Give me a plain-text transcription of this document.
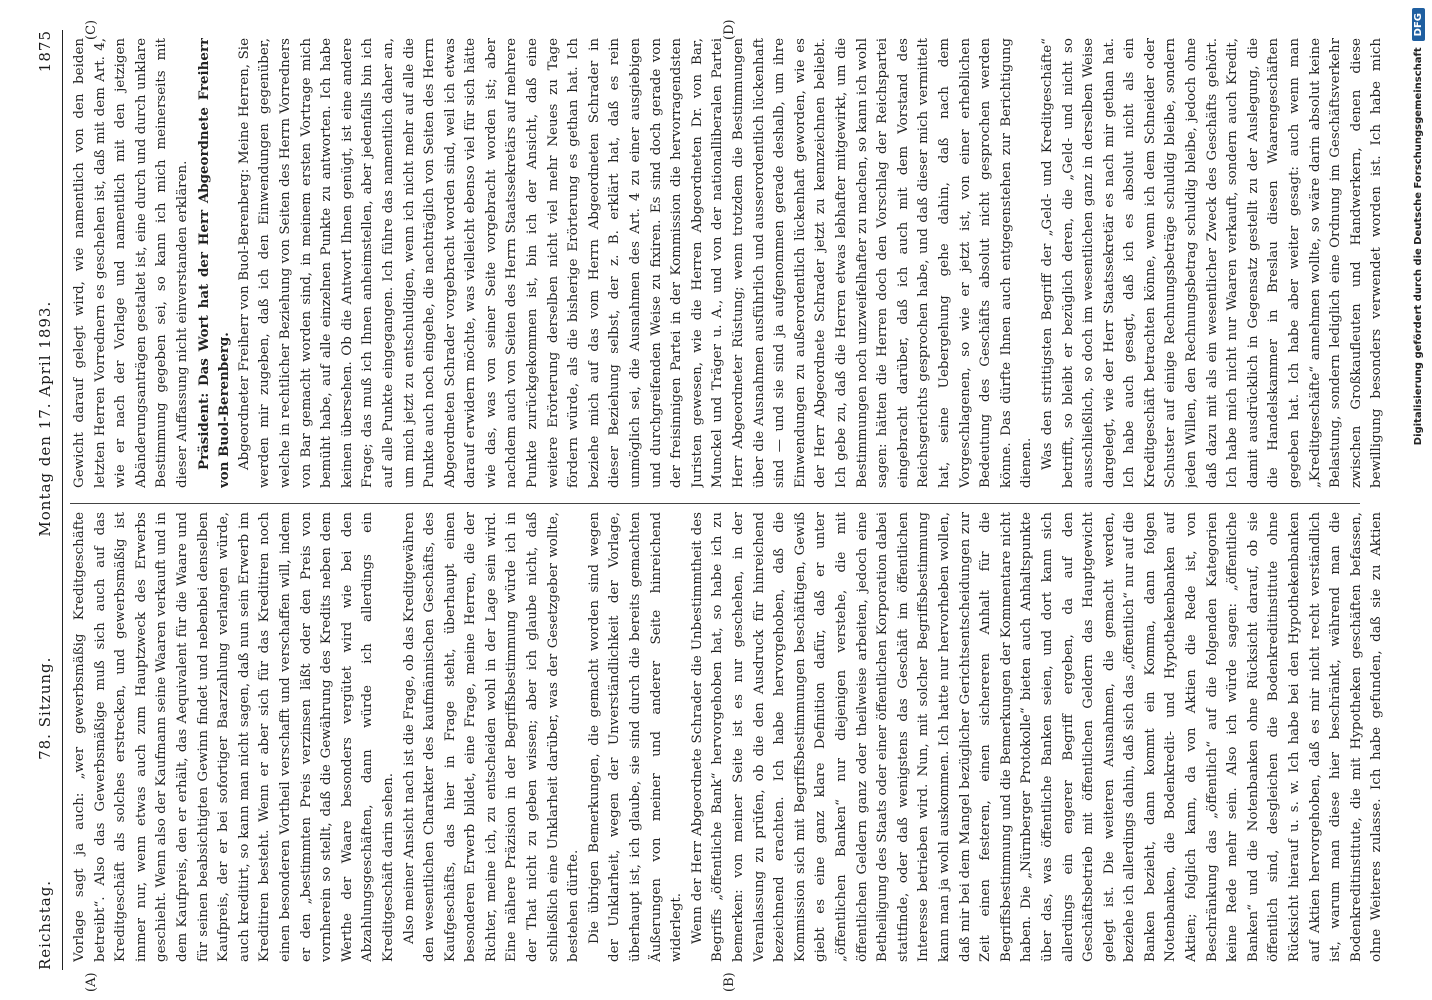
Reichstag.
78. Sitzung.
Montag den 17. April 1893.
1875
(A)	(B)
(C)	(D)

Vorlage sagt ja auch: „wer gewerbsmäßig Kreditgeschäfte betreibt“. Also das Gewerbsmäßige muß sich auch auf das Kreditgeschäft als solches erstrecken, und gewerbsmäßig ist immer nur, wenn etwas auch zum Hauptzweck des Erwerbs geschieht. Wenn also der Kaufmann seine Waaren verkauft und in dem Kaufpreis, den er erhält, das Aequivalent für die Waare und für seinen beabsichtigten Gewinn findet und nebenbei denselben Kaufpreis, der er bei sofortiger Baarzahlung verlangen würde, auch kreditirt, so kann man nicht sagen, daß nun sein Erwerb im Kreditiren besteht. Wenn er aber sich für das Kreditiren noch einen besonderen Vortheil verschafft und verschaffen will, indem er den „bestimmten Preis verzinsen läßt oder den Preis von vornherein so stellt, daß die Gewährung des Kredits neben dem Werthe der Waare besonders vergütet wird wie bei den Abzahlungsgeschäften, dann würde ich allerdings ein Kreditgeschäft darin sehen. Also meiner Ansicht nach ist die Frage, ob das Kreditgewähren den wesentlichen Charakter des kaufmännischen Geschäfts, des Kaufgeschäfts, das hier in Frage steht, überhaupt einen besonderen Erwerb bildet, eine Frage, meine Herren, die der Richter, meine ich, zu entscheiden wohl in der Lage sein wird. Eine nähere Präzision in der Begriffsbestimmung würde ich in der That nicht zu geben wissen; aber ich glaube nicht, daß schließlich eine Unklarheit darüber, was der Gesetzgeber wollte, bestehen dürfte. Die übrigen Bemerkungen, die gemacht worden sind wegen der Unklarheit, wegen der Unverständlichkeit der Vorlage, überhaupt ist, ich glaube, sie sind durch die bereits gemachten Äußerungen von meiner und anderer Seite hinreichend widerlegt. Wenn der Herr Abgeordnete Schrader die Unbestimmtheit des Begriffs „öffentliche Bank“ hervorgehoben hat, so habe ich zu bemerken: von meiner Seite ist es nur geschehen, in der Veranlassung zu prüfen, ob die den Ausdruck für hinreichend bezeichnend erachten. Ich habe hervorgehoben, daß die Kommission sich mit Begriffsbestimmungen beschäftigen, Gewiß giebt es eine ganz klare Definition dafür, daß er unter „öffentlichen Banken“ nur diejenigen verstehe, die mit öffentlichen Geldern ganz oder theilweise arbeiten, jedoch eine Betheiligung des Staats oder einer öffentlichen Korporation dabei stattfinde, oder daß wenigstens das Geschäft im öffentlichen Interesse betrieben wird. Nun, mit solcher Begriffsbestimmung kann man ja wohl auskommen. Ich hatte nur hervorheben wollen, daß mir bei dem Mangel bezüglicher Gerichtsentscheidungen zur Zeit einen festeren, einen sichereren Anhalt für die Begriffsbestimmung und die Bemerkungen der Kommentare nicht haben. Die „Nürnberger Protokolle“ bieten auch Anhaltspunkte über das, was öffentliche Banken seien, und dort kann sich allerdings ein engerer Begriff ergeben, da auf den Geschäftsbetrieb mit öffentlichen Geldern das Hauptgewicht gelegt ist. Die weiteren Ausnahmen, die gemacht werden, beziehe ich allerdings dahin, daß sich das „öffentlich“ nur auf die Banken bezieht, dann kommt ein Komma, dann folgen Notenbanken, die Bodenkredit- und Hypothekenbanken auf Aktien; folglich kann, da von Aktien die Rede ist, von Beschränkung das „öffentlich“ auf die folgenden Kategorien keine Rede mehr sein. Also ich würde sagen: „öffentliche Banken“ und die Notenbanken ohne Rücksicht darauf, ob sie öffentlich sind, desgleichen die Bodenkreditinstitute ohne Rücksicht hierauf u. s. w. Ich habe bei den Hypothekenbanken auf Aktien hervorgehoben, daß es mir nicht recht verständlich ist, warum man diese hier beschränkt, während man die Bodenkreditinstitute, die mit Hypotheken geschäften befassen, ohne Weiteres zulasse. Ich habe gefunden, daß sie zu Aktien

Gewicht darauf gelegt wird, wie namentlich von den beiden letzten Herren Vorrednern es geschehen ist, daß mit dem Art. 4, wie er nach der Vorlage und namentlich mit den jetzigen Abänderungsanträgen gestaltet ist, eine durch und durch unklare Bestimmung gegeben sei, so kann ich mich meinerseits mit dieser Auffassung nicht einverstanden erklären. Präsident: Das Wort hat der Herr Abgeordnete Freiherr von Buol-Berenberg. Abgeordneter Freiherr von Buol-Berenberg: Meine Herren, Sie werden mir zugeben, daß ich den Einwendungen gegenüber, welche in rechtlicher Beziehung von Seiten des Herrn Vorredners von Bar gemacht worden sind, in meinem ersten Vortrage mich bemüht habe, auf alle einzelnen Punkte zu antworten. Ich habe keinen übersehen. Ob die Antwort Ihnen genügt, ist eine andere Frage; das muß ich Ihnen anheimstellen, aber jedenfalls bin ich auf alle Punkte eingegangen. Ich führe das namentlich daher an, um mich jetzt zu entschuldigen, wenn ich nicht mehr auf alle die Punkte auch noch eingehe, die nachträglich von Seiten des Herrn Abgeordneten Schrader vorgebracht worden sind, weil ich etwas darauf erwidern möchte, was vielleicht ebenso viel für sich hätte wie das, was von seiner Seite vorgebracht worden ist; aber nachdem auch von Seiten des Herrn Staatssekretärs auf mehrere Punkte zurückgekommen ist, bin ich der Ansicht, daß eine weitere Erörterung derselben nicht viel mehr Neues zu Tage fördern würde, als die bisherige Erörterung es gethan hat. Ich beziehe mich auf das vom Herrn Abgeordneten Schrader in dieser Beziehung selbst, der z. B. erklärt hat, daß es rein unmöglich sei, die Ausnahmen des Art. 4 zu einer ausgiebigen und durchgreifenden Weise zu fixiren. Es sind doch gerade von der freisinnigen Partei in der Kommission die hervorragendsten Juristen gewesen, wie die Herren Abgeordneten Dr. von Bar, Munckel und Träger u. A., und von der nationalliberalen Partei Herr Abgeordneter Rüstung; wenn trotzdem die Bestimmungen über die Ausnahmen ausführlich und ausserordentlich lückenhaft sind — und sie sind ja aufgenommen gerade deshalb, um ihre Einwendungen zu außerordentlich lückenhaft geworden, wie es der Herr Abgeordnete Schrader jetzt zu kennzeichnen beliebt. Ich gebe zu, daß die Herren etwas lebhafter mitgewirkt, um die Bestimmungen noch unzweifelhafter zu machen, so kann ich wohl sagen: hätten die Herren doch den Vorschlag der Reichspartei eingebracht darüber, daß ich auch mit dem Vorstand des Reichsgerichts gesprochen habe, und daß dieser mich vermittelt hat, seine Uebergehung gehe dahin, daß nach dem Vorgeschlagenen, so wie er jetzt ist, von einer erheblichen Bedeutung des Geschäfts absolut nicht gesprochen werden könne. Das dürfte Ihnen auch entgegenstehen zur Berichtigung dienen. Was den strittigsten Begriff der „Geld- und Kreditgeschäfte“ betrifft, so bleibt er bezüglich deren, die „Geld- und nicht so ausschließlich, so doch im wesentlichen ganz in derselben Weise dargelegt, wie der Herr Staatssekretär es nach mir gethan hat. Ich habe auch gesagt, daß ich es absolut nicht als ein Kreditgeschäft betrachten könne, wenn ich dem Schneider oder Schuster auf einige Rechnungsbeträge schuldig bleibe, sondern jeden Willen, den Rechnungsbetrag schuldig bleibe, jedoch ohne daß dazu mit als ein wesentlicher Zweck des Geschäfts gehört. Ich habe mich nicht nur Waaren verkauft, sondern auch Kredit, damit ausdrücklich in Gegensatz gestellt zu der Auslegung, die die Handelskammer in Breslau diesen Waarengeschäften gegeben hat. Ich habe aber weiter gesagt: auch wenn man „Kreditgeschäfte“ annehmen wollte, so wäre darin absolut keine Belastung, sondern lediglich eine Ordnung im Geschäftsverkehr zwischen Großkaufleuten und Handwerkern, denen diese bewilligung besonders verwendet worden ist. Ich habe mich	Digitalisierung gefördert durch die Deutsche Forschungsgemeinschaft
DFG
